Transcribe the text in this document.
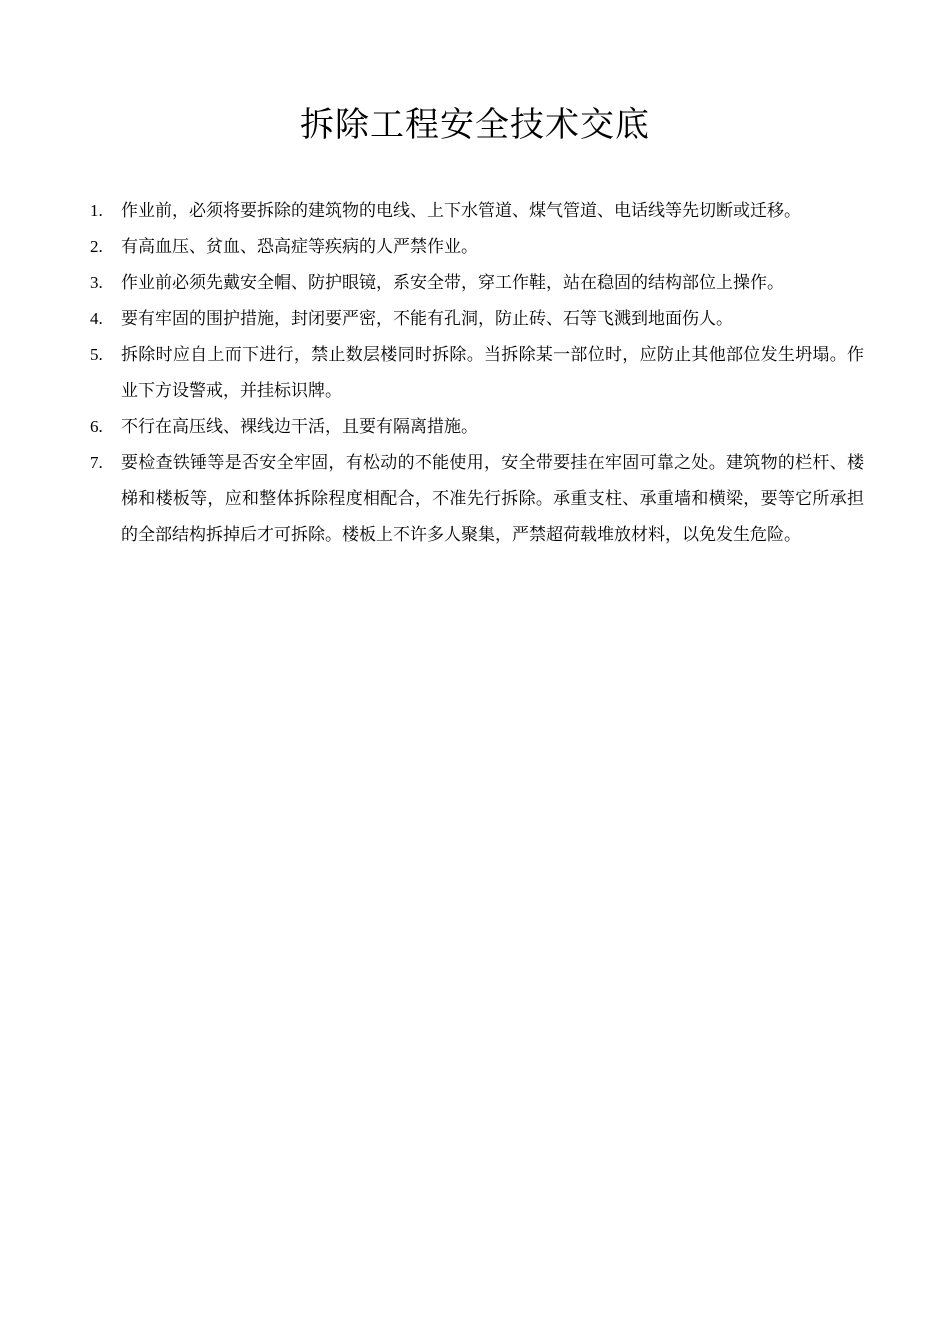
拆除工程安全技术交底
1. 作业前，必须将要拆除的建筑物的电线、上下水管道、煤气管道、电话线等先切断或迁移。
2. 有高血压、贫血、恐高症等疾病的人严禁作业。
3. 作业前必须先戴安全帽、防护眼镜，系安全带，穿工作鞋，站在稳固的结构部位上操作。
4. 要有牢固的围护措施，封闭要严密，不能有孔洞，防止砖、石等飞溅到地面伤人。
5. 拆除时应自上而下进行，禁止数层楼同时拆除。当拆除某一部位时，应防止其他部位发生坍塌。作业下方设警戒，并挂标识牌。
6. 不行在高压线、裸线边干活，且要有隔离措施。
7. 要检查铁锤等是否安全牢固，有松动的不能使用，安全带要挂在牢固可靠之处。建筑物的栏杆、楼梯和楼板等，应和整体拆除程度相配合，不准先行拆除。承重支柱、承重墙和横梁，要等它所承担的全部结构拆掉后才可拆除。楼板上不许多人聚集，严禁超荷载堆放材料，以免发生危险。
